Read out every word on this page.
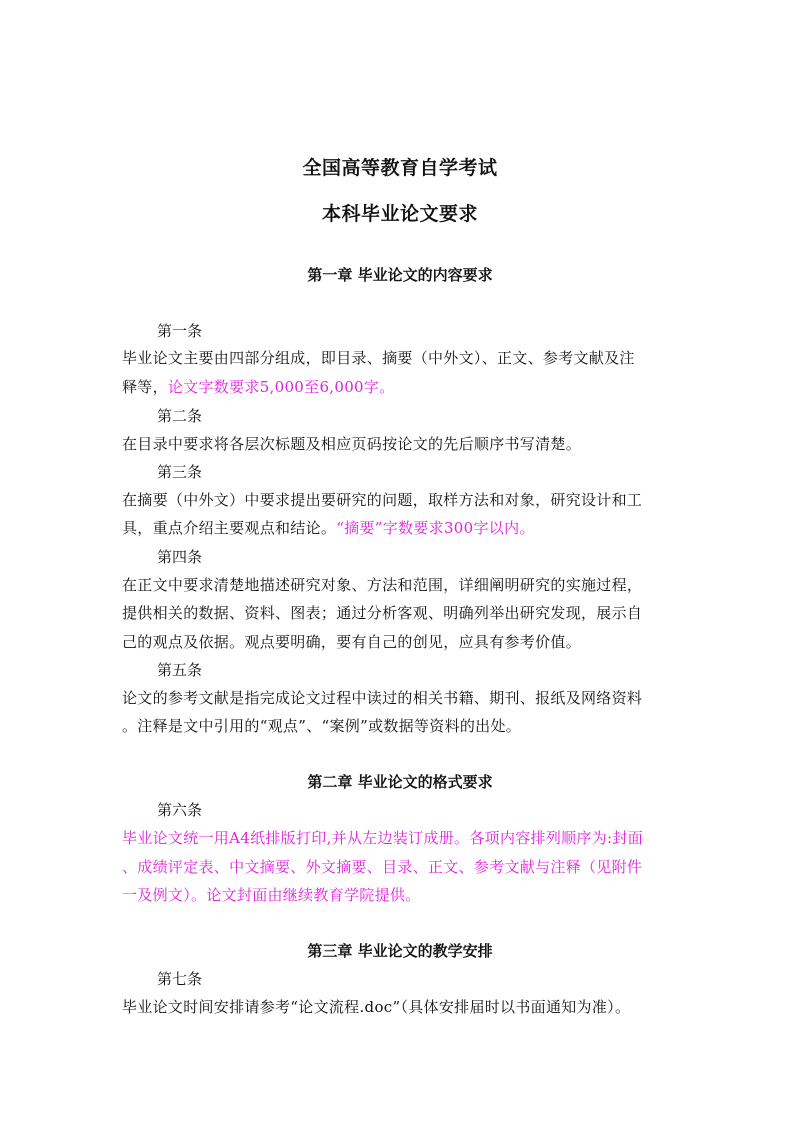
全国高等教育自学考试
本科毕业论文要求
第一章 毕业论文的内容要求
第一条
毕业论文主要由四部分组成，即目录、摘要（中外文）、正文、参考文献及注
释等，论文字数要求5,000至6,000字。
第二条
在目录中要求将各层次标题及相应页码按论文的先后顺序书写清楚。
第三条
在摘要（中外文）中要求提出要研究的问题，取样方法和对象，研究设计和工
具，重点介绍主要观点和结论。“摘要”字数要求300字以内。
第四条
在正文中要求清楚地描述研究对象、方法和范围，详细阐明研究的实施过程，
提供相关的数据、资料、图表；通过分析客观、明确列举出研究发现，展示自
己的观点及依据。观点要明确，要有自己的创见，应具有参考价值。
第五条
论文的参考文献是指完成论文过程中读过的相关书籍、期刊、报纸及网络资料
。注释是文中引用的“观点”、“案例”或数据等资料的出处。
第二章 毕业论文的格式要求
第六条
毕业论文统一用A4纸排版打印,并从左边装订成册。各项内容排列顺序为:封面
、成绩评定表、中文摘要、外文摘要、目录、正文、参考文献与注释（见附件
一及例文）。论文封面由继续教育学院提供。
第三章 毕业论文的教学安排
第七条
毕业论文时间安排请参考“论文流程.doc”（具体安排届时以书面通知为准）。
